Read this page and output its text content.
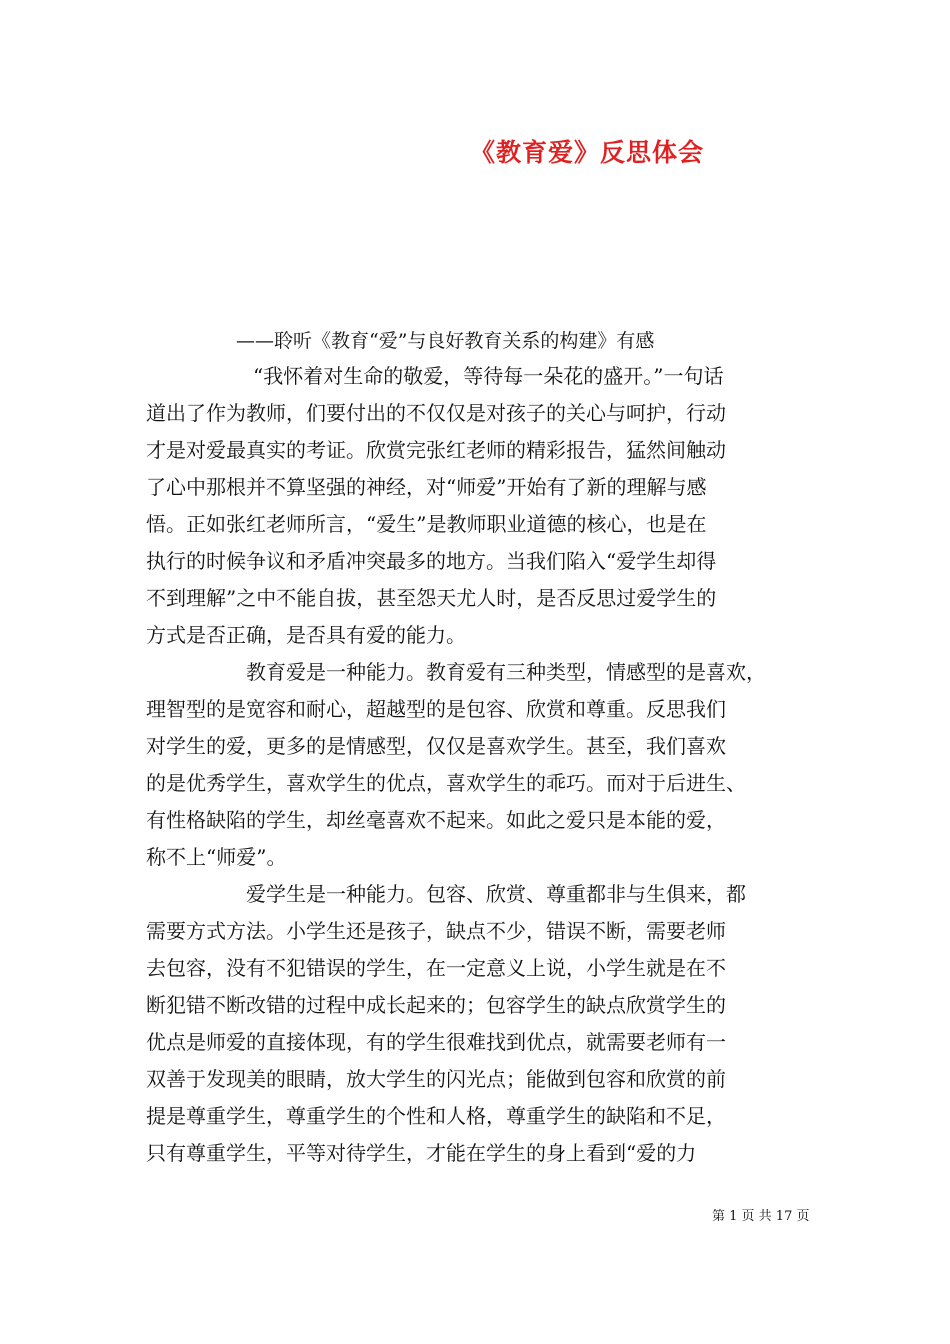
《教育爱》反思体会
——聆听《教育“爱”与良好教育关系的构建》有感
“我怀着对生命的敬爱，等待每一朵花的盛开。”一句话
道出了作为教师，们要付出的不仅仅是对孩子的关心与呵护，行动
才是对爱最真实的考证。欣赏完张红老师的精彩报告，猛然间触动
了心中那根并不算坚强的神经，对“师爱”开始有了新的理解与感
悟。正如张红老师所言，“爱生”是教师职业道德的核心，也是在
执行的时候争议和矛盾冲突最多的地方。当我们陷入“爱学生却得
不到理解”之中不能自拔，甚至怨天尤人时，是否反思过爱学生的
方式是否正确，是否具有爱的能力。
教育爱是一种能力。教育爱有三种类型，情感型的是喜欢，
理智型的是宽容和耐心，超越型的是包容、欣赏和尊重。反思我们
对学生的爱，更多的是情感型，仅仅是喜欢学生。甚至，我们喜欢
的是优秀学生，喜欢学生的优点，喜欢学生的乖巧。而对于后进生、
有性格缺陷的学生，却丝毫喜欢不起来。如此之爱只是本能的爱，
称不上“师爱”。
爱学生是一种能力。包容、欣赏、尊重都非与生俱来，都
需要方式方法。小学生还是孩子，缺点不少，错误不断，需要老师
去包容，没有不犯错误的学生，在一定意义上说，小学生就是在不
断犯错不断改错的过程中成长起来的；包容学生的缺点欣赏学生的
优点是师爱的直接体现，有的学生很难找到优点，就需要老师有一
双善于发现美的眼睛，放大学生的闪光点；能做到包容和欣赏的前
提是尊重学生，尊重学生的个性和人格，尊重学生的缺陷和不足，
只有尊重学生，平等对待学生，才能在学生的身上看到“爱的力
第 1 页 共 17 页
